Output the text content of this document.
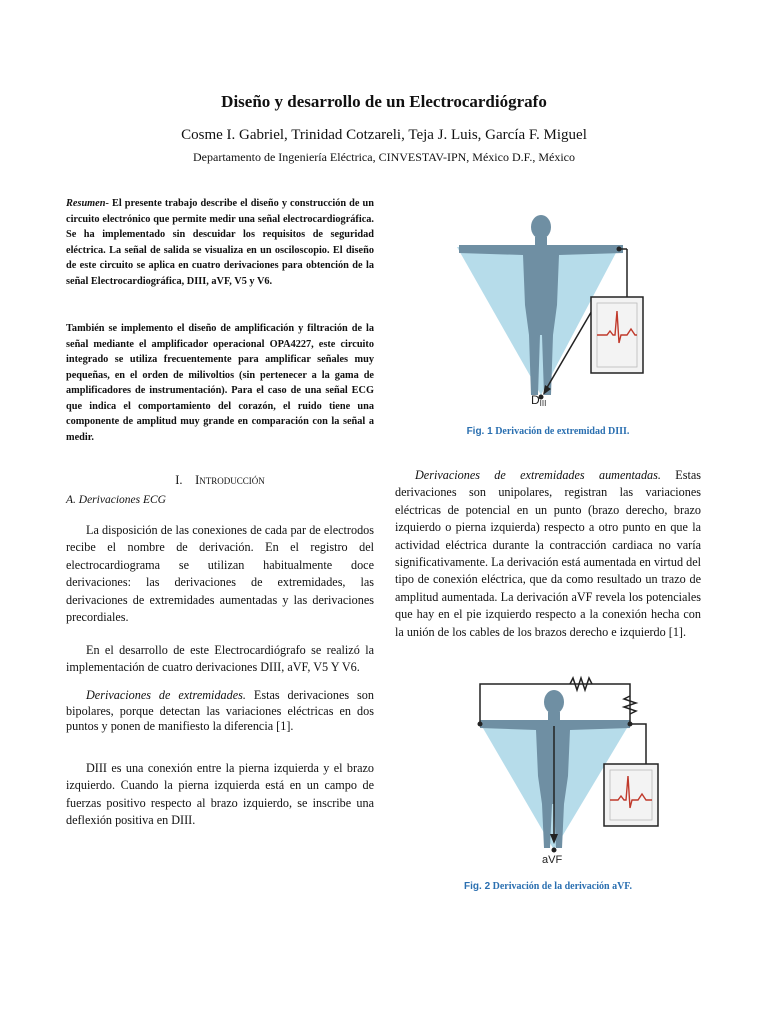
Diseño y desarrollo de un Electrocardiógrafo
Cosme I. Gabriel, Trinidad Cotzareli, Teja J. Luis, García F. Miguel
Departamento de Ingeniería Eléctrica, CINVESTAV-IPN, México D.F., México
Resumen- El presente trabajo describe el diseño y construcción de un circuito electrónico que permite medir una señal electrocardiográfica. Se ha implementado sin descuidar los requisitos de seguridad eléctrica. La señal de salida se visualiza en un osciloscopio. El diseño de este circuito se aplica en cuatro derivaciones para obtención de la señal Electrocardiográfica, DIII, aVF, V5 y V6.
También se implemento el diseño de amplificación y filtración de la señal mediante el amplificador operacional OPA4227, este circuito integrado se utiliza frecuentemente para amplificar señales muy pequeñas, en el orden de milivoltios (sin pertenecer a la gama de amplificadores de instrumentación). Para el caso de una señal ECG que indica el comportamiento del corazón, el ruido tiene una componente de amplitud muy grande en comparación con la señal a medir.
I. Introducción
A. Derivaciones ECG
La disposición de las conexiones de cada par de electrodos recibe el nombre de derivación. En el registro del electrocardiograma se utilizan habitualmente doce derivaciones: las derivaciones de extremidades, las derivaciones de extremidades aumentadas y las derivaciones precordiales.
En el desarrollo de este Electrocardiógrafo se realizó la implementación de cuatro derivaciones DIII, aVF, V5 Y V6.
Derivaciones de extremidades. Estas derivaciones son bipolares, porque detectan las variaciones eléctricas en dos puntos y ponen de manifiesto la diferencia [1].
DIII es una conexión entre la pierna izquierda y el brazo izquierdo. Cuando la pierna izquierda está en un campo de fuerzas positivo respecto al brazo izquierdo, se inscribe una deflexión positiva en DIII.
Derivaciones de extremidades aumentadas. Estas derivaciones son unipolares, registran las variaciones eléctricas de potencial en un punto (brazo derecho, brazo izquierdo o pierna izquierda) respecto a otro punto en que la actividad eléctrica durante la contracción cardiaca no varía significativamente. La derivación está aumentada en virtud del tipo de conexión eléctrica, que da como resultado un trazo de amplitud aumentada. La derivación aVF revela los potenciales que hay en el pie izquierdo respecto a la conexión hecha con la unión de los cables de los brazos derecho e izquierdo [1].
DIII
Fig. 1 Derivación de extremidad DIII.
aVF
Fig. 2 Derivación de la derivación aVF.
